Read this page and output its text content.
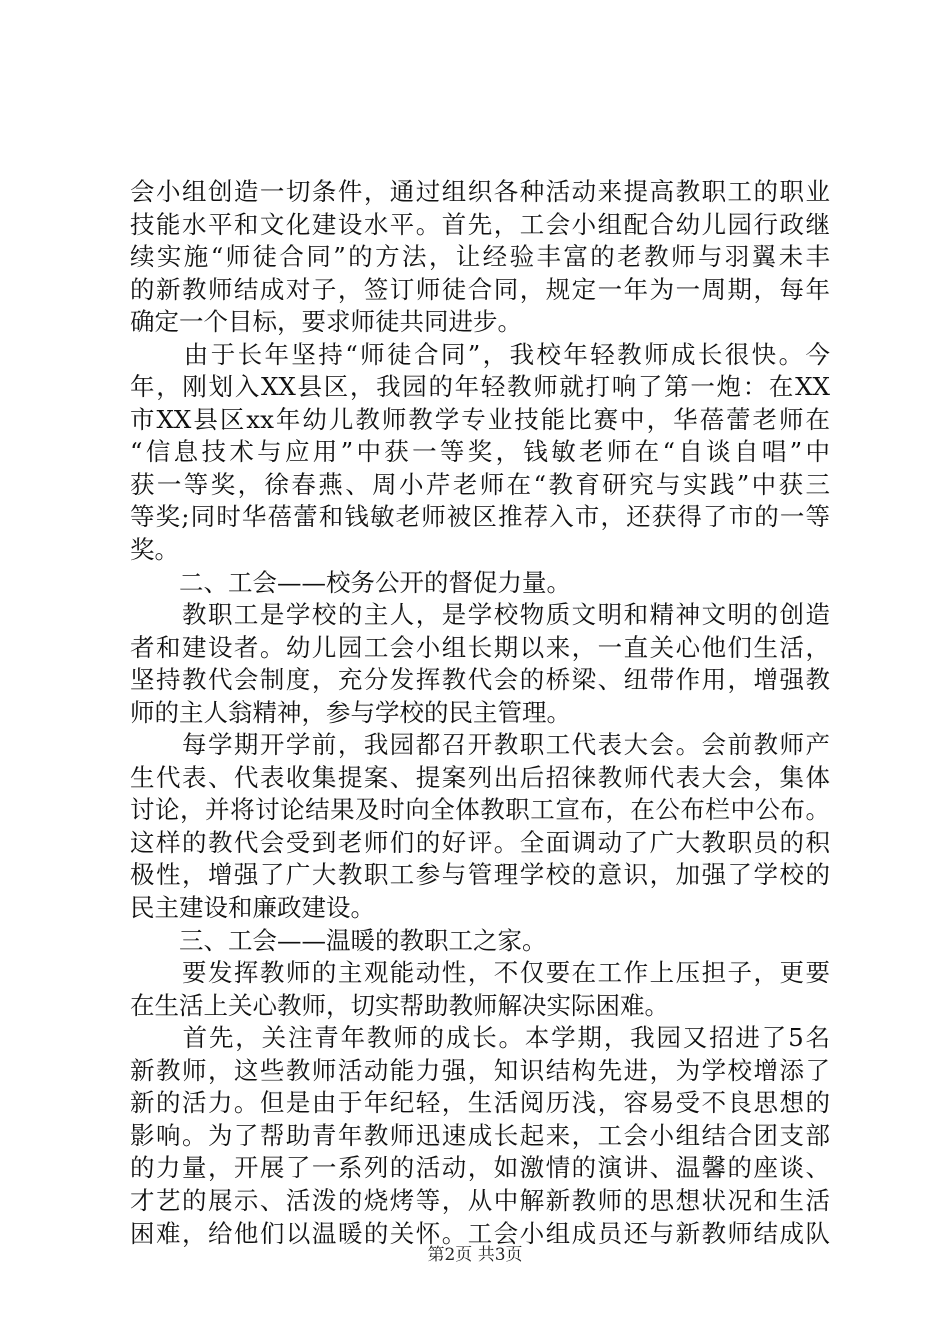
会小组创造一切条件，通过组织各种活动来提高教职工的职业
技能水平和文化建设水平。首先，工会小组配合幼儿园行政继
续实施“师徒合同”的方法，让经验丰富的老教师与羽翼未丰
的新教师结成对子，签订师徒合同，规定一年为一周期，每年
确定一个目标，要求师徒共同进步。
　　由于长年坚持“师徒合同”，我校年轻教师成长很快。今
年，刚划入XX县区，我园的年轻教师就打响了第一炮：在XX
市XX县区xx年幼儿教师教学专业技能比赛中，华蓓蕾老师在
“信息技术与应用”中获一等奖，钱敏老师在“自谈自唱”中
获一等奖，徐春燕、周小芹老师在“教育研究与实践”中获三
等奖;同时华蓓蕾和钱敏老师被区推荐入市，还获得了市的一等
奖。
　　二、工会——校务公开的督促力量。
　　教职工是学校的主人，是学校物质文明和精神文明的创造
者和建设者。幼儿园工会小组长期以来，一直关心他们生活，
坚持教代会制度，充分发挥教代会的桥梁、纽带作用，增强教
师的主人翁精神，参与学校的民主管理。
　　每学期开学前，我园都召开教职工代表大会。会前教师产
生代表、代表收集提案、提案列出后招徕教师代表大会，集体
讨论，并将讨论结果及时向全体教职工宣布，在公布栏中公布。
这样的教代会受到老师们的好评。全面调动了广大教职员的积
极性，增强了广大教职工参与管理学校的意识，加强了学校的
民主建设和廉政建设。
　　三、工会——温暖的教职工之家。
　　要发挥教师的主观能动性，不仅要在工作上压担子，更要
在生活上关心教师，切实帮助教师解决实际困难。
　　首先，关注青年教师的成长。本学期，我园又招进了5名
新教师，这些教师活动能力强，知识结构先进，为学校增添了
新的活力。但是由于年纪轻，生活阅历浅，容易受不良思想的
影响。为了帮助青年教师迅速成长起来，工会小组结合团支部
的力量，开展了一系列的活动，如激情的演讲、温馨的座谈、
才艺的展示、活泼的烧烤等，从中解新教师的思想状况和生活
困难，给他们以温暖的关怀。工会小组成员还与新教师结成队
第2页 共3页
